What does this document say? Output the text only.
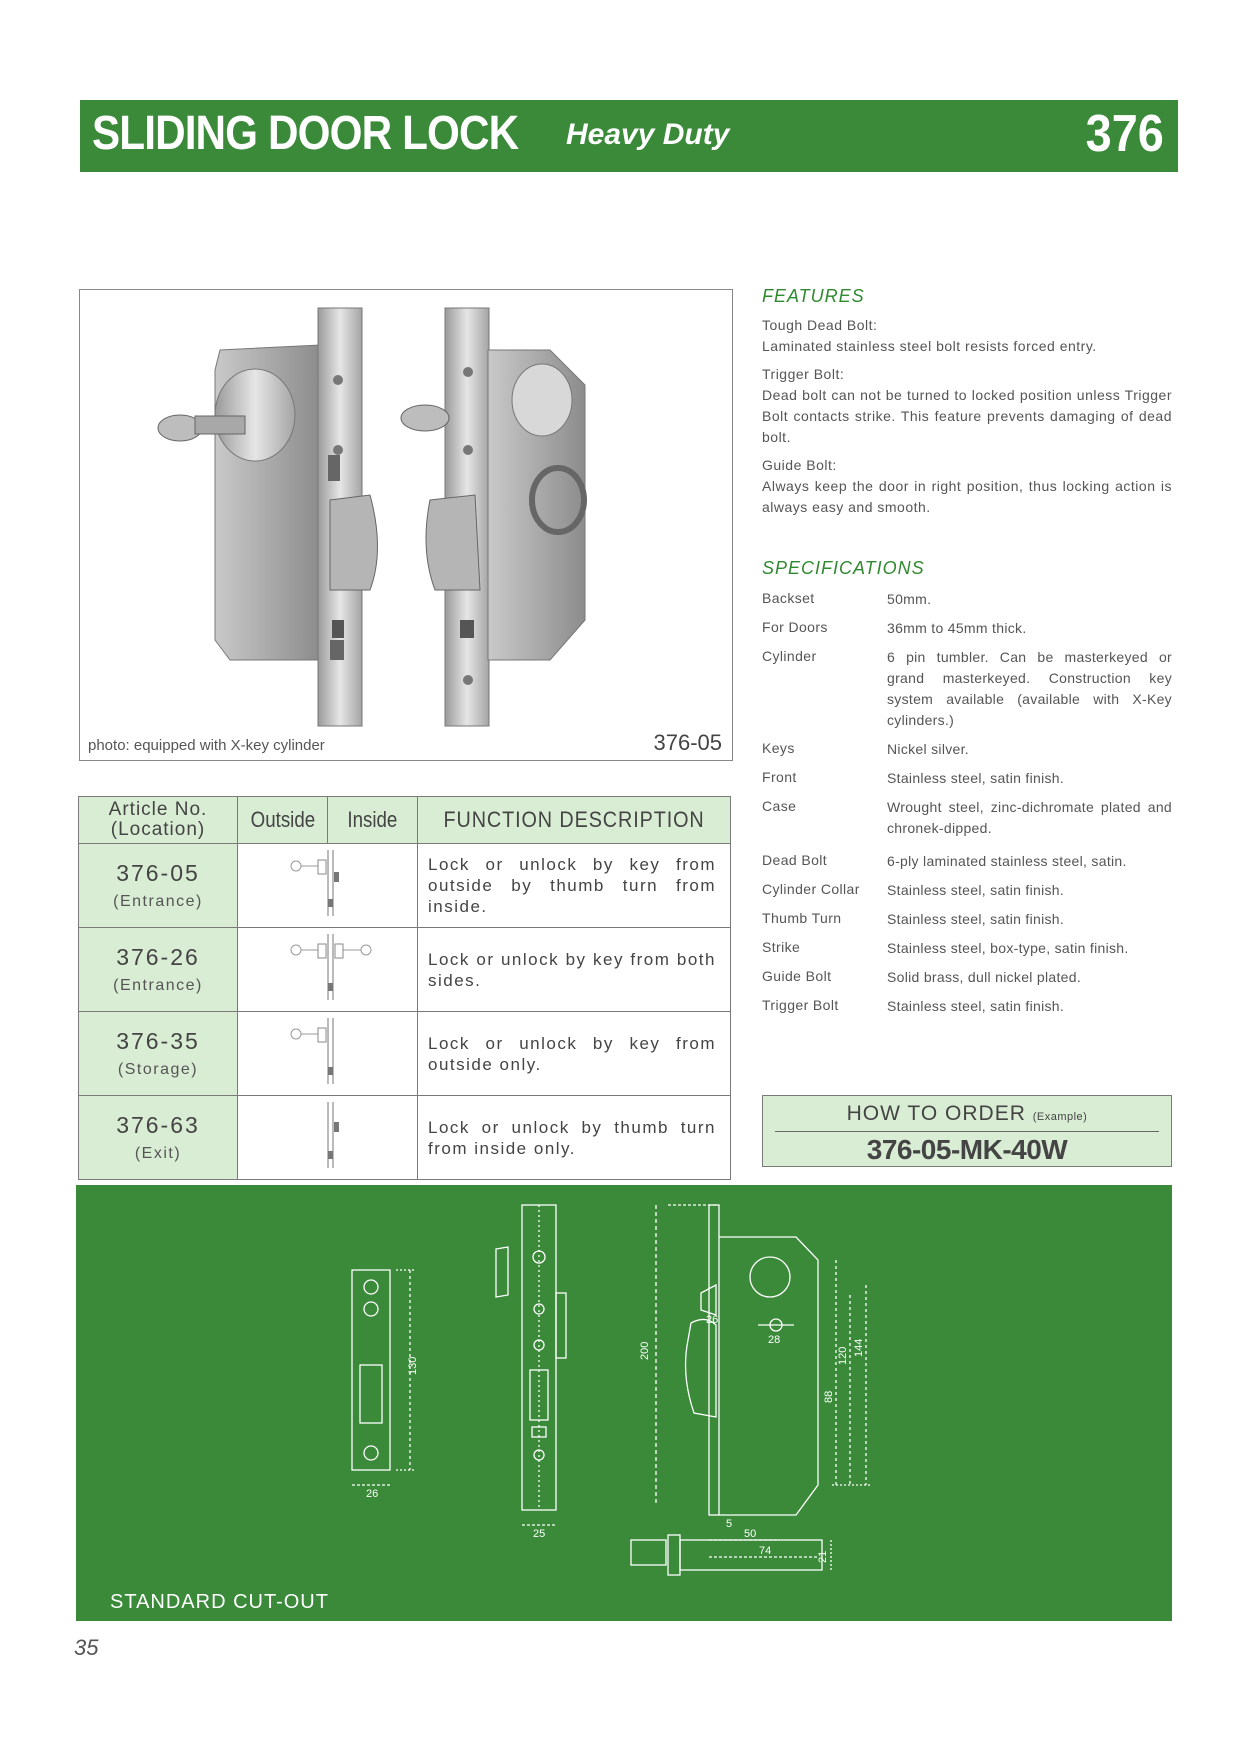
SLIDING DOOR LOCK Heavy Duty	376
photo: equipped with X-key cylinder	376-05
FEATURES
Tough Dead Bolt:
Laminated stainless steel bolt resists forced entry.
Trigger Bolt:
Dead bolt can not be turned to locked position unless Trigger Bolt contacts strike. This feature prevents damaging of dead bolt.
Guide Bolt:
Always keep the door in right position, thus locking action is always easy and smooth.
SPECIFICATIONS
Backset	50mm.
For Doors	36mm to 45mm thick.
Cylinder	6 pin tumbler. Can be masterkeyed or grand masterkeyed. Construction key system available (available with X-Key cylinders.)
Keys	Nickel silver.
Front	Stainless steel, satin finish.
Case	Wrought steel, zinc-dichromate plated and chronek-dipped.
Dead Bolt	6-ply laminated stainless steel, satin.
Cylinder Collar Stainless steel, satin finish.
Thumb Turn	Stainless steel, satin finish.
Strike	Stainless steel, box-type, satin finish.
Guide Bolt	Solid brass, dull nickel plated.
Trigger Bolt	Stainless steel, satin finish.
Article No.
(Location)	Outside	Inside	FUNCTION DESCRIPTION

376-05
(Entrance)			Lock or unlock by key from outside by thumb turn from inside.

376-26
(Entrance)			Lock or unlock by key from both sides.

376-35
(Storage)			Lock or unlock by key from outside only.

376-63
(Exit)			Lock or unlock by thumb turn from inside only.
HOW TO ORDER (Example)
376-05-MK-40W
130
26
25
200
26
28
88
120 144
5
50
74	21
STANDARD CUT-OUT
35
